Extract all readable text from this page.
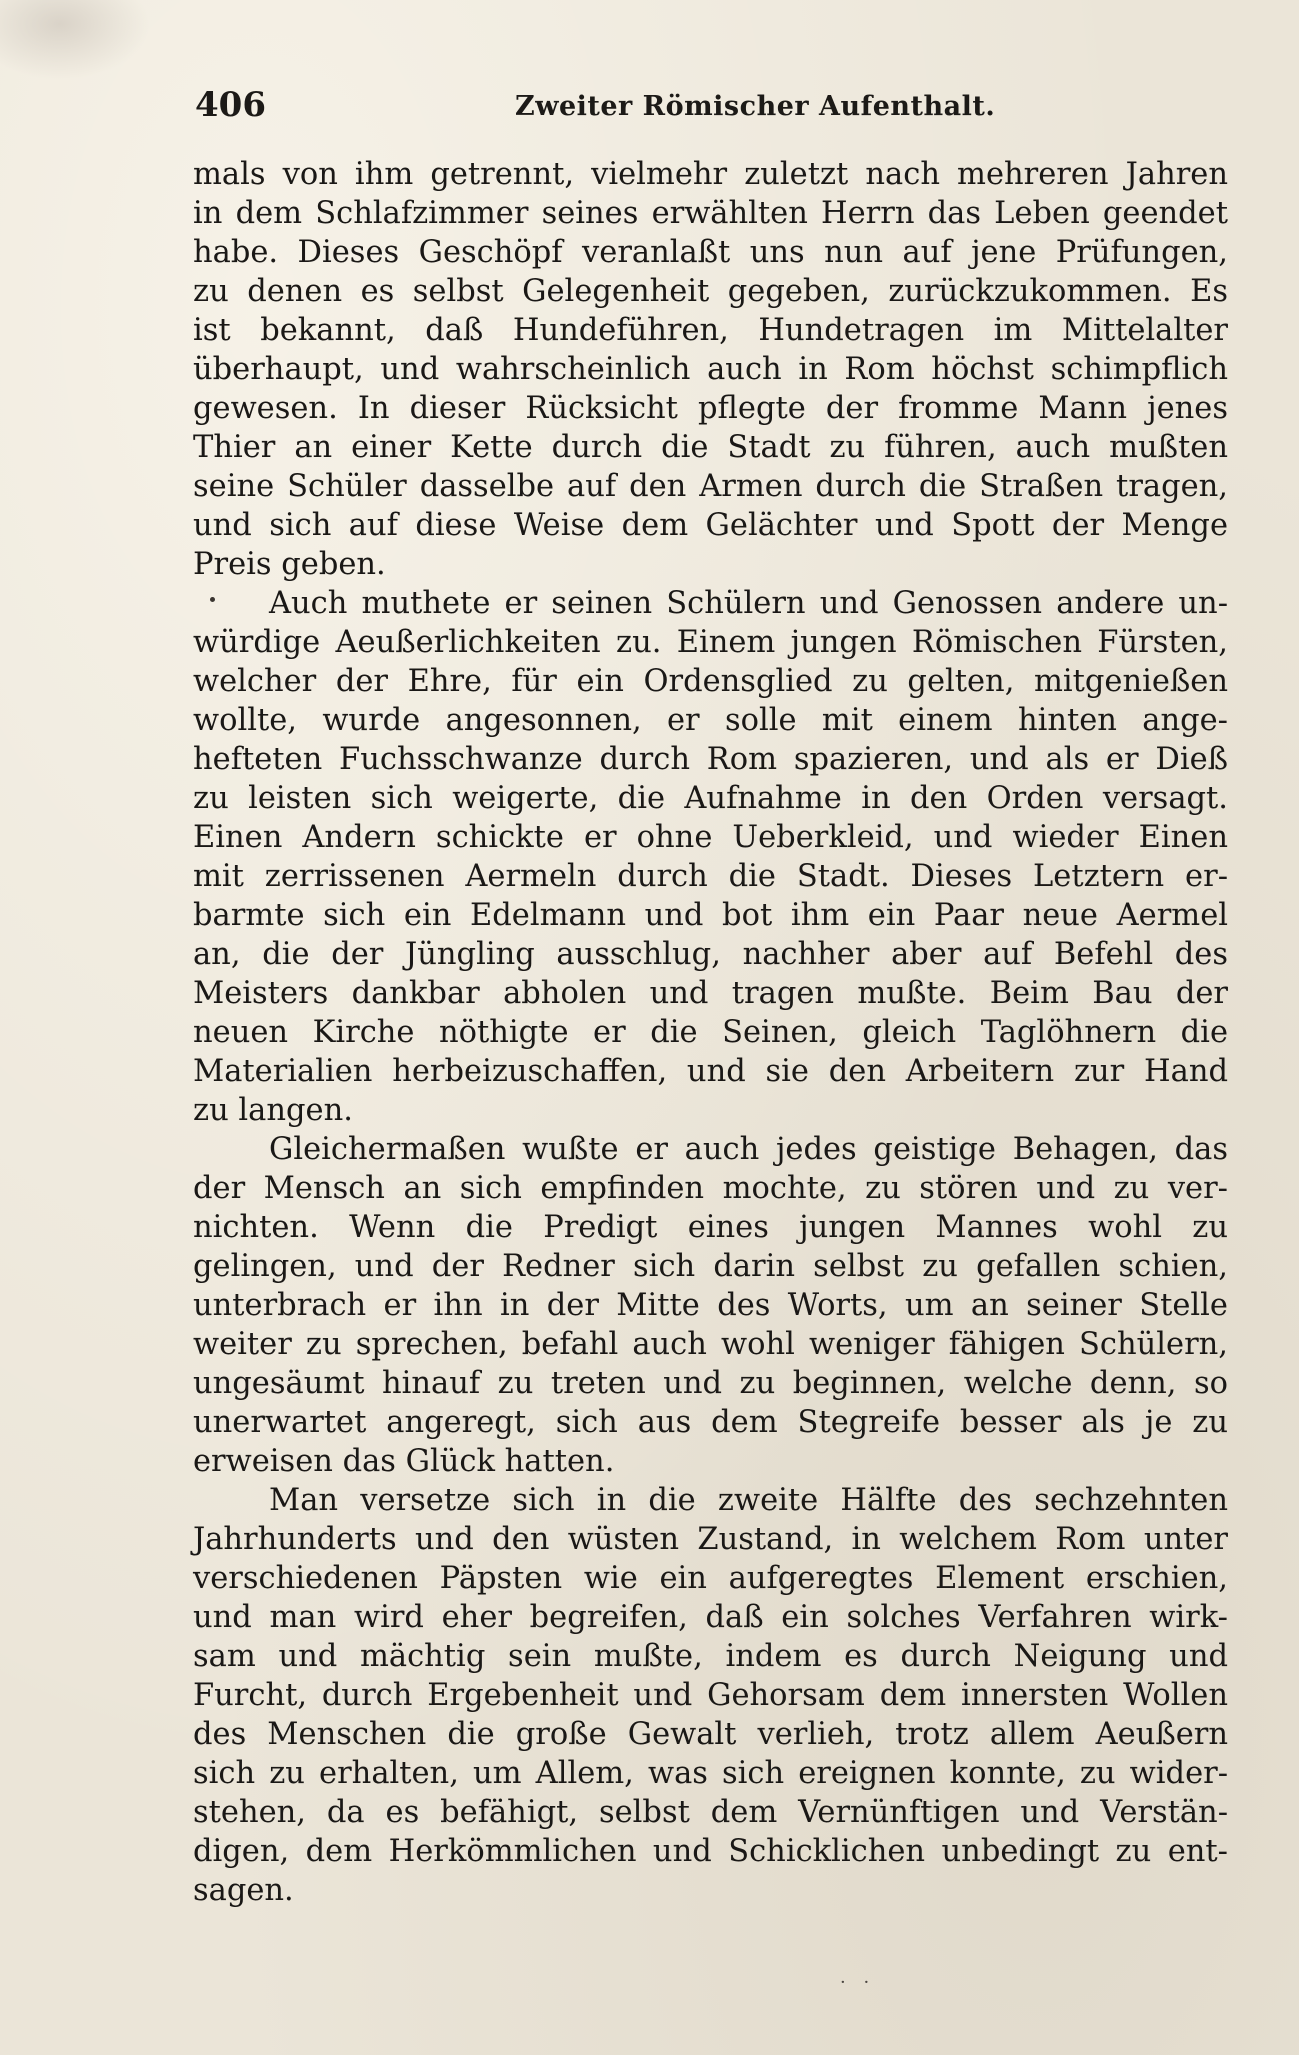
406	Zweiter Römischer Aufenthalt.
mals von ihm getrennt, vielmehr zuletzt nach mehreren Jahren
in dem Schlafzimmer seines erwählten Herrn das Leben geendet
habe. Dieses Geschöpf veranlaßt uns nun auf jene Prüfungen,
zu denen es selbst Gelegenheit gegeben, zurückzukommen. Es
ist bekannt, daß Hundeführen, Hundetragen im Mittelalter
überhaupt, und wahrscheinlich auch in Rom höchst schimpflich
gewesen. In dieser Rücksicht pflegte der fromme Mann jenes
Thier an einer Kette durch die Stadt zu führen, auch mußten
seine Schüler dasselbe auf den Armen durch die Straßen tragen,
und sich auf diese Weise dem Gelächter und Spott der Menge
Preis geben.
Auch muthete er seinen Schülern und Genossen andere un-
würdige Aeußerlichkeiten zu. Einem jungen Römischen Fürsten,
welcher der Ehre, für ein Ordensglied zu gelten, mitgenießen
wollte, wurde angesonnen, er solle mit einem hinten ange-
hefteten Fuchsschwanze durch Rom spazieren, und als er Dieß
zu leisten sich weigerte, die Aufnahme in den Orden versagt.
Einen Andern schickte er ohne Ueberkleid, und wieder Einen
mit zerrissenen Aermeln durch die Stadt. Dieses Letztern er-
barmte sich ein Edelmann und bot ihm ein Paar neue Aermel
an, die der Jüngling ausschlug, nachher aber auf Befehl des
Meisters dankbar abholen und tragen mußte. Beim Bau der
neuen Kirche nöthigte er die Seinen, gleich Taglöhnern die
Materialien herbeizuschaffen, und sie den Arbeitern zur Hand
zu langen.
Gleichermaßen wußte er auch jedes geistige Behagen, das
der Mensch an sich empfinden mochte, zu stören und zu ver-
nichten. Wenn die Predigt eines jungen Mannes wohl zu
gelingen, und der Redner sich darin selbst zu gefallen schien,
unterbrach er ihn in der Mitte des Worts, um an seiner Stelle
weiter zu sprechen, befahl auch wohl weniger fähigen Schülern,
ungesäumt hinauf zu treten und zu beginnen, welche denn, so
unerwartet angeregt, sich aus dem Stegreife besser als je zu
erweisen das Glück hatten.
Man versetze sich in die zweite Hälfte des sechzehnten
Jahrhunderts und den wüsten Zustand, in welchem Rom unter
verschiedenen Päpsten wie ein aufgeregtes Element erschien,
und man wird eher begreifen, daß ein solches Verfahren wirk-
sam und mächtig sein mußte, indem es durch Neigung und
Furcht, durch Ergebenheit und Gehorsam dem innersten Wollen
des Menschen die große Gewalt verlieh, trotz allem Aeußern
sich zu erhalten, um Allem, was sich ereignen konnte, zu wider-
stehen, da es befähigt, selbst dem Vernünftigen und Verstän-
digen, dem Herkömmlichen und Schicklichen unbedingt zu ent-
sagen.
· ·
